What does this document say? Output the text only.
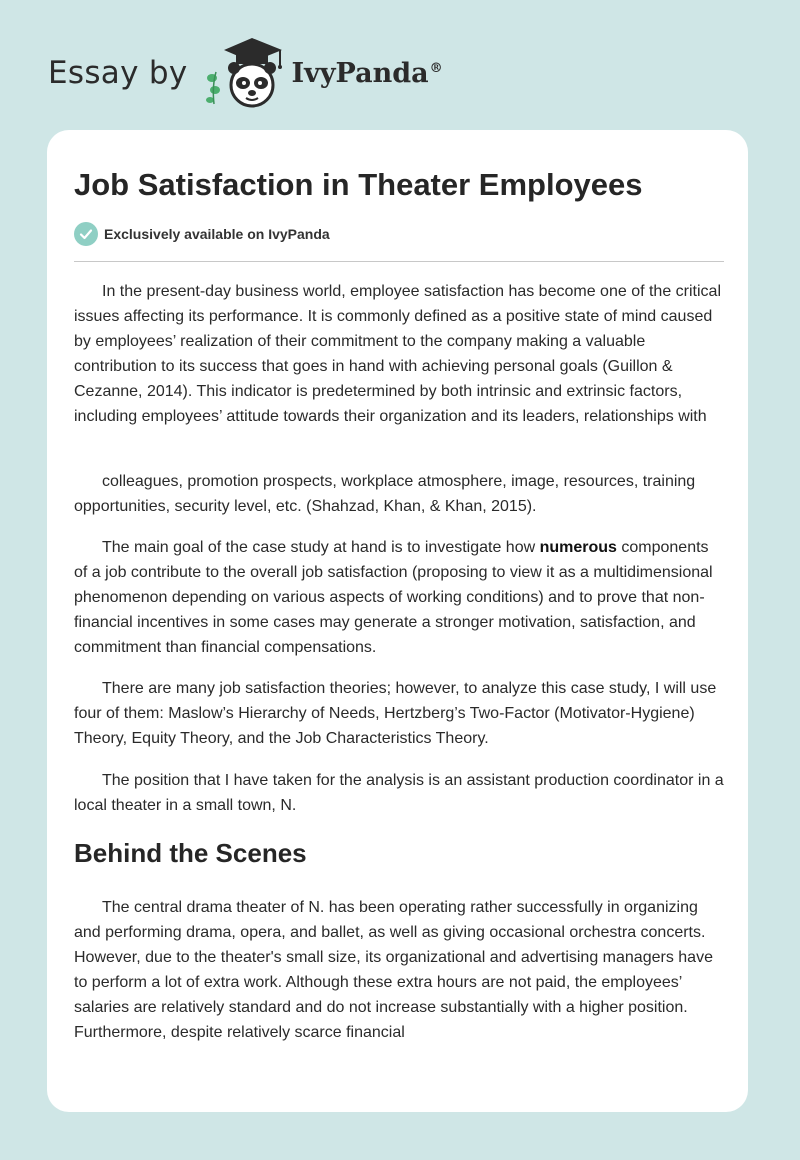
Essay by	IvyPanda®
Job Satisfaction in Theater Employees
Exclusively available on IvyPanda

In the present-day business world, employee satisfaction has become one of the critical issues affecting its performance. It is commonly defined as a positive state of mind caused by employees’ realization of their commitment to the company making a valuable contribution to its success that goes in hand with achieving personal goals (Guillon & Cezanne, 2014). This indicator is predetermined by both intrinsic and extrinsic factors, including employees’ attitude towards their organization and its leaders, relationships with

colleagues, promotion prospects, workplace atmosphere, image, resources, training opportunities, security level, etc. (Shahzad, Khan, & Khan, 2015).

The main goal of the case study at hand is to investigate how numerous components of a job contribute to the overall job satisfaction (proposing to view it as a multidimensional phenomenon depending on various aspects of working conditions) and to prove that non-financial incentives in some cases may generate a stronger motivation, satisfaction, and commitment than financial compensations.

There are many job satisfaction theories; however, to analyze this case study, I will use four of them: Maslow’s Hierarchy of Needs, Hertzberg’s Two-Factor (Motivator-Hygiene) Theory, Equity Theory, and the Job Characteristics Theory.

The position that I have taken for the analysis is an assistant production coordinator in a local theater in a small town, N.

Behind the Scenes

The central drama theater of N. has been operating rather successfully in organizing and performing drama, opera, and ballet, as well as giving occasional orchestra concerts. However, due to the theater's small size, its organizational and advertising managers have to perform a lot of extra work. Although these extra hours are not paid, the employees’ salaries are relatively standard and do not increase substantially with a higher position. Furthermore, despite relatively scarce financial
